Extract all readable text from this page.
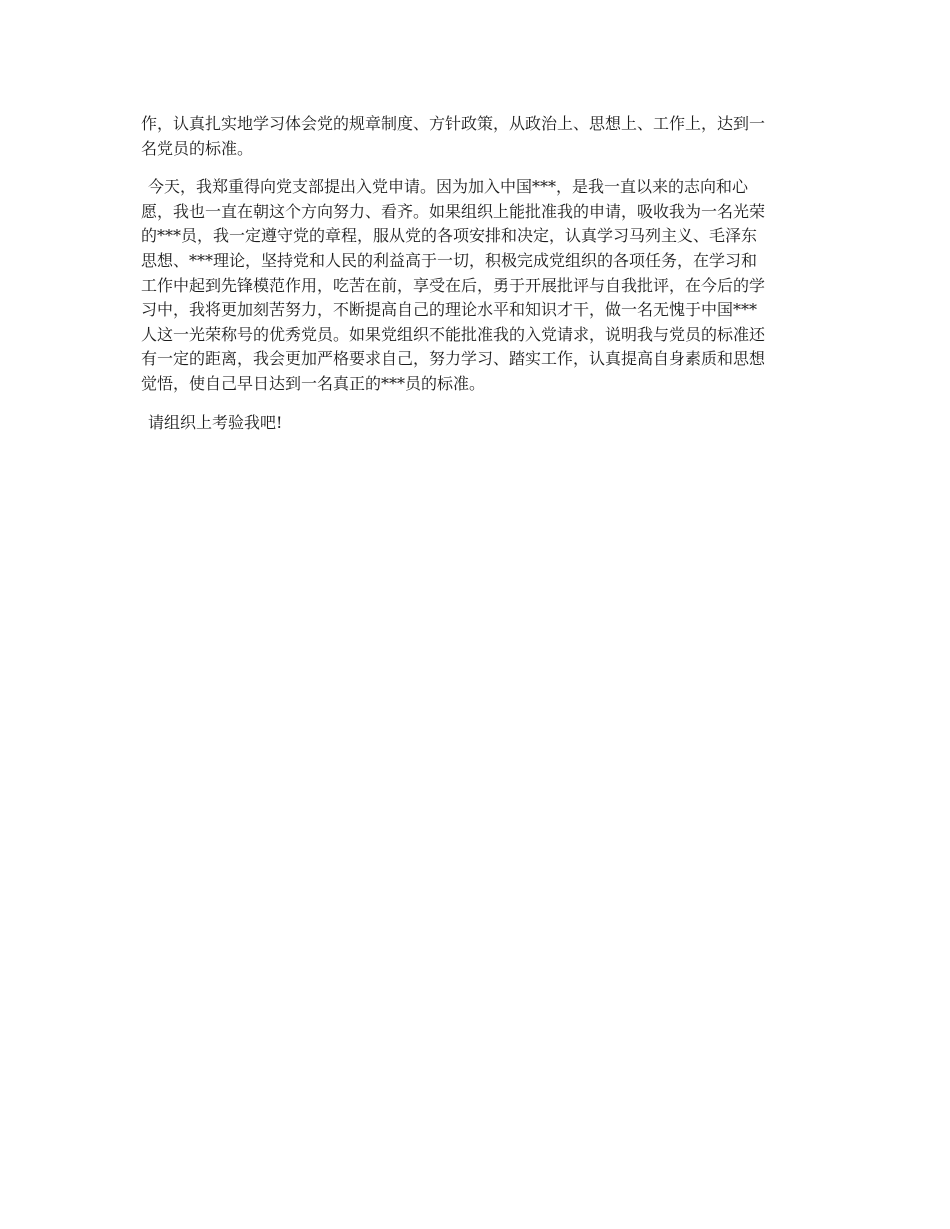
作，认真扎实地学习体会党的规章制度、方针政策，从政治上、思想上、工作上，达到一
名党员的标准。
今天，我郑重得向党支部提出入党申请。因为加入中国***，是我一直以来的志向和心
愿，我也一直在朝这个方向努力、看齐。如果组织上能批准我的申请，吸收我为一名光荣
的***员，我一定遵守党的章程，服从党的各项安排和决定，认真学习马列主义、毛泽东
思想、***理论，坚持党和人民的利益高于一切，积极完成党组织的各项任务，在学习和
工作中起到先锋模范作用，吃苦在前，享受在后，勇于开展批评与自我批评，在今后的学
习中，我将更加刻苦努力，不断提高自己的理论水平和知识才干，做一名无愧于中国***
人这一光荣称号的优秀党员。如果党组织不能批准我的入党请求，说明我与党员的标准还
有一定的距离，我会更加严格要求自己，努力学习、踏实工作，认真提高自身素质和思想
觉悟，使自己早日达到一名真正的***员的标准。
请组织上考验我吧!
